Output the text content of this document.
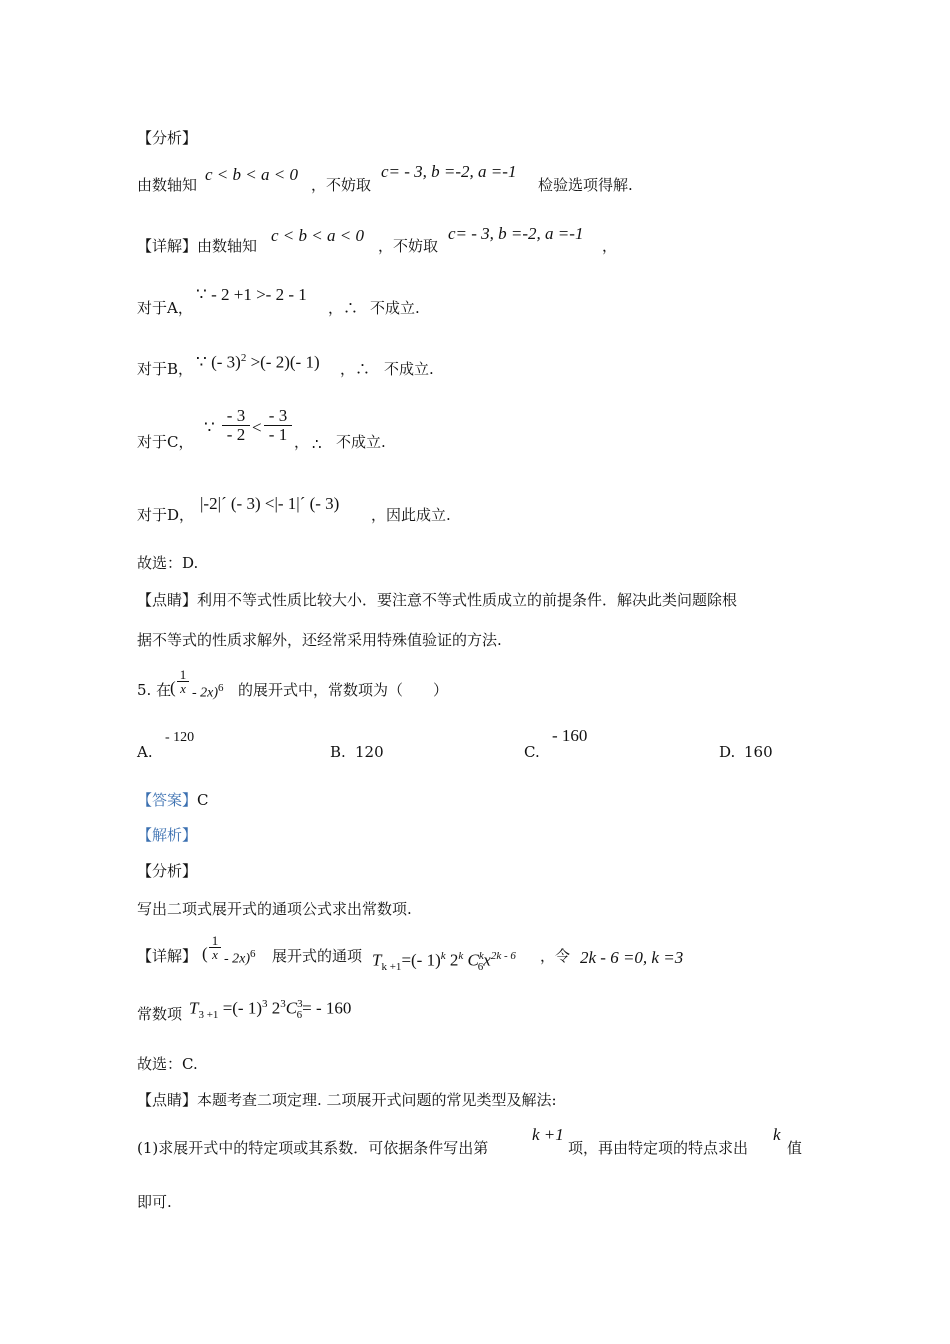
【分析】
由数轴知
c < b < a < 0
，不妨取
c= - 3, b =-2, a =-1
检验选项得解.
【详解】由数轴知
c < b < a < 0
，不妨取
c= - 3, b =-2, a =-1
，
对于A，
∵ - 2 +1 >- 2 - 1
，∴ 不成立.
对于B， ∵ (- 3)$^2$ >(- 2)(- 1) ，∴ 不成立.
对于C，
∵
- 3
- 2 <
- 3
- 1 ， ∴ 不成立.
对于D，
|-2|´ (- 3) <|- 1|´ (- 3)
，因此成立.
故选：D.
【点睛】利用不等式性质比较大小．要注意不等式性质成立的前提条件．解决此类问题除根
据不等式的性质求解外，还经常采用特殊值验证的方法.
5. 在
(
1
x - 2x)$^6$ 的展开式中，常数项为（　　）
A.
- 120
B. 120	C.
- 160
D. 160
【答案】C
【解析】
【分析】
写出二项式展开式的通项公式求出常数项.
【详解】 (
1
x - 2x)$^6$ 展开式的通项 $T_{k +1}=(-$ 1)$^k$ 2$^k$ $C^k_6x^{2k - 6}$ ，令 2k - 6 =0, k =3
常数项 $T_{3 +1}$ =(- 1)$^3$ $2^3C^3_6= - 160$
故选：C.
【点睛】本题考查二项定理. 二项展开式问题的常见类型及解法:
(1)求展开式中的特定项或其系数．可依据条件写出第
k +1
项，再由特定项的特点求出
k
值
即可.
